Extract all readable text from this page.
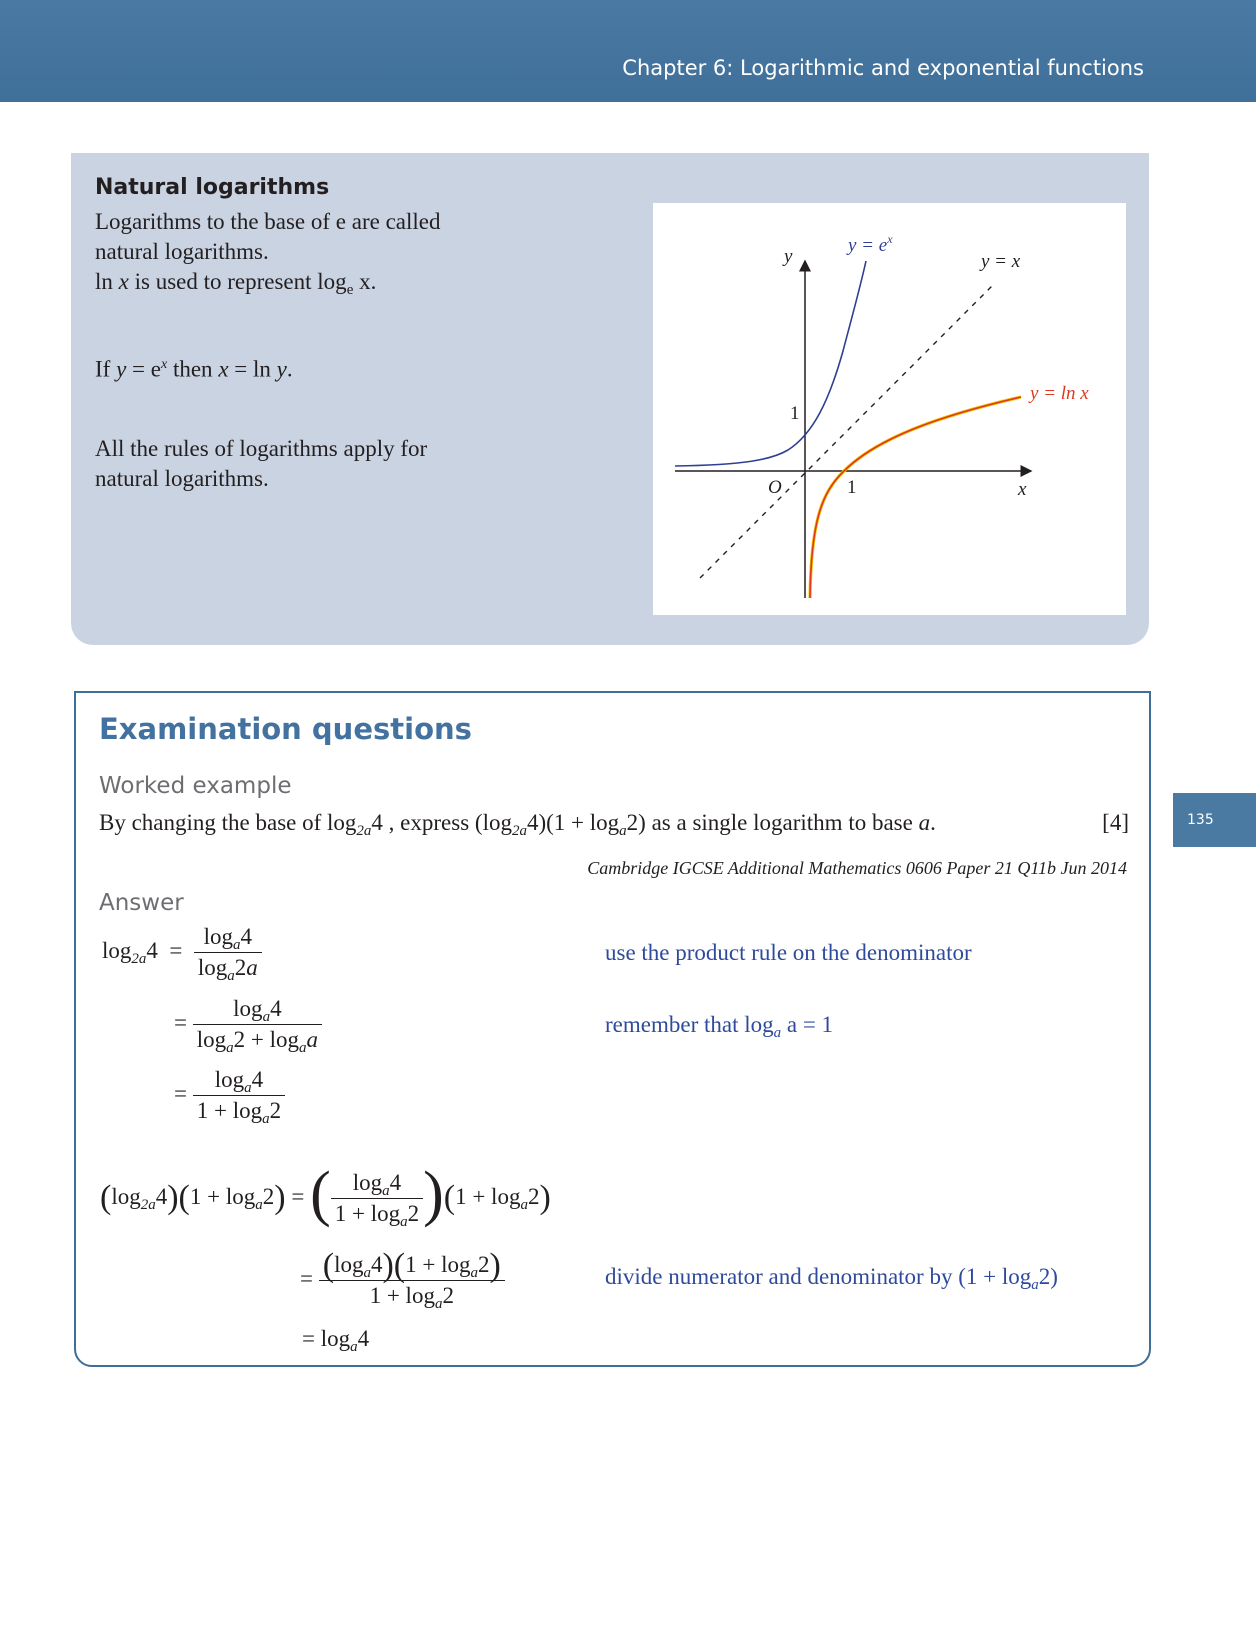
Chapter 6: Logarithmic and exponential functions
135
Natural logarithms
Logarithms to the base of e are called
natural logarithms.
ln x is used to represent $\log_e x$.
If $y = e^x$ then x = ln y.
All the rules of logarithms apply for
natural logarithms.
$y = e^x$
y = x
y = ln x
y
x
O
1
1
Examination questions
Worked example
By changing the base of $\log_{2a}4$ , express $(\log_{2a}4)(1 + \log_a2)$ as a single logarithm to base a.	[4]
Cambridge IGCSE Additional Mathematics 0606 Paper 21 Q11b Jun 2014
Answer
$\log_{2a}4 = \frac{\log_a4}{\log_a2a}$
= $\frac{\log_a4}{\log_a2 + \log_aa}$
= $\frac{\log_a4}{1 + \log_a2}$
$(\log_{2a}4)(1 + \log_a2)$ = ( $\frac{\log_a4}{1 + \log_a2} )(1 + \log_a2)$
= $\frac{(\log_a4)(1 + \log_a2)}{1 + \log_a2}$
= $\log_a4$
use the product rule on the denominator
remember that $\log_a a = 1$
divide numerator and denominator by $(1 + \log_a2)$
